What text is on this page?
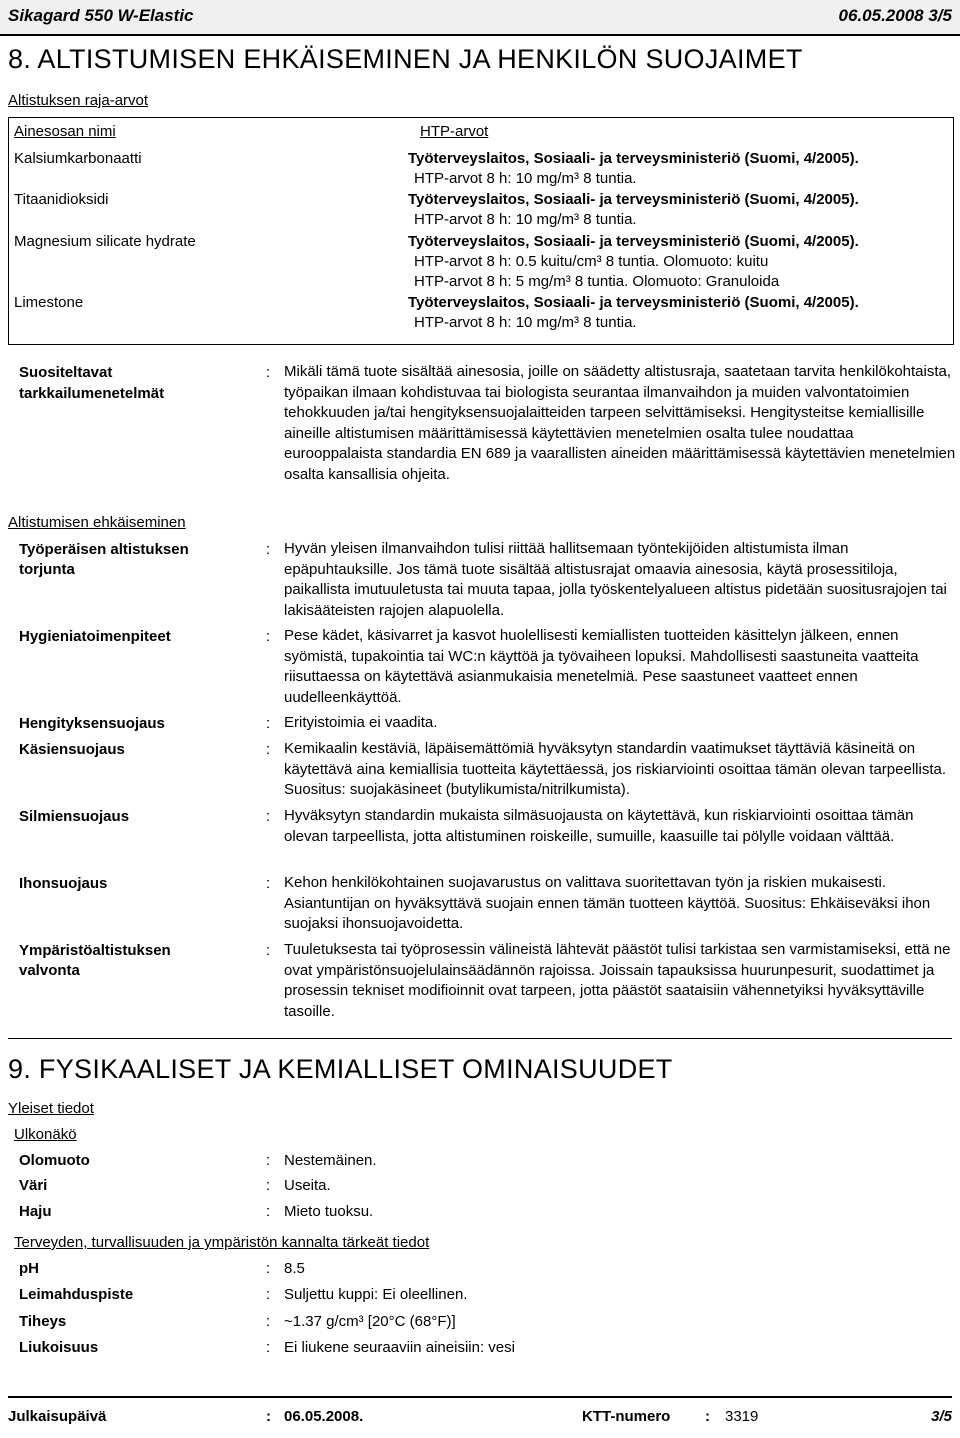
Sikagard 550 W-Elastic	06.05.2008 3/5
8. ALTISTUMISEN EHKÄISEMINEN JA HENKILÖN SUOJAIMET
Altistuksen raja-arvot
Ainesosan nimi	HTP-arvot
Kalsiumkarbonaatti	Työterveyslaitos, Sosiaali- ja terveysministeriö (Suomi, 4/2005).
HTP-arvot 8 h: 10 mg/m³ 8 tuntia.
Titaanidioksidi	Työterveyslaitos, Sosiaali- ja terveysministeriö (Suomi, 4/2005).
HTP-arvot 8 h: 10 mg/m³ 8 tuntia.
Magnesium silicate hydrate	Työterveyslaitos, Sosiaali- ja terveysministeriö (Suomi, 4/2005).
HTP-arvot 8 h: 0.5 kuitu/cm³ 8 tuntia. Olomuoto: kuitu
HTP-arvot 8 h: 5 mg/m³ 8 tuntia. Olomuoto: Granuloida
Limestone	Työterveyslaitos, Sosiaali- ja terveysministeriö (Suomi, 4/2005).
HTP-arvot 8 h: 10 mg/m³ 8 tuntia.
Suositeltavat
tarkkailumenetelmät
: Mikäli tämä tuote sisältää ainesosia, joille on säädetty altistusraja, saatetaan tarvita henkilökohtaista, työpaikan ilmaan kohdistuvaa tai biologista seurantaa ilmanvaihdon ja muiden valvontatoimien tehokkuuden ja/tai hengityksensuojalaitteiden tarpeen selvittämiseksi. Hengitysteitse kemiallisille aineille altistumisen määrittämisessä käytettävien menetelmien osalta tulee noudattaa eurooppalaista standardia EN 689 ja vaarallisten aineiden määrittämisessä käytettävien menetelmien osalta kansallisia ohjeita.
Altistumisen ehkäiseminen
Työperäisen altistuksen
torjunta
: Hyvän yleisen ilmanvaihdon tulisi riittää hallitsemaan työntekijöiden altistumista ilman epäpuhtauksille. Jos tämä tuote sisältää altistusrajat omaavia ainesosia, käytä prosessitiloja, paikallista imutuuletusta tai muuta tapaa, jolla työskentelyalueen altistus pidetään suositusrajojen tai lakisääteisten rajojen alapuolella.
Hygieniatoimenpiteet	: Pese kädet, käsivarret ja kasvot huolellisesti kemiallisten tuotteiden käsittelyn jälkeen, ennen syömistä, tupakointia tai WC:n käyttöä ja työvaiheen lopuksi. Mahdollisesti saastuneita vaatteita riisuttaessa on käytettävä asianmukaisia menetelmiä. Pese saastuneet vaatteet ennen uudelleenkäyttöä.
Hengityksensuojaus	: Erityistoimia ei vaadita.
Käsiensuojaus	: Kemikaalin kestäviä, läpäisemättömiä hyväksytyn standardin vaatimukset täyttäviä käsineitä on käytettävä aina kemiallisia tuotteita käytettäessä, jos riskiarviointi osoittaa tämän olevan tarpeellista. Suositus: suojakäsineet (butylikumista/nitrilkumista).
Silmiensuojaus	: Hyväksytyn standardin mukaista silmäsuojausta on käytettävä, kun riskiarviointi osoittaa tämän olevan tarpeellista, jotta altistuminen roiskeille, sumuille, kaasuille tai pölylle voidaan välttää.
Ihonsuojaus	: Kehon henkilökohtainen suojavarustus on valittava suoritettavan työn ja riskien mukaisesti. Asiantuntijan on hyväksyttävä suojain ennen tämän tuotteen käyttöä. Suositus: Ehkäiseväksi ihon suojaksi ihonsuojavoidetta.
Ympäristöaltistuksen
valvonta
: Tuuletuksesta tai työprosessin välineistä lähtevät päästöt tulisi tarkistaa sen varmistamiseksi, että ne ovat ympäristönsuojelulainsäädännön rajoissa. Joissain tapauksissa huurunpesurit, suodattimet ja prosessin tekniset modifioinnit ovat tarpeen, jotta päästöt saataisiin vähennetyiksi hyväksyttäville tasoille.
9. FYSIKAALISET JA KEMIALLISET OMINAISUUDET
Yleiset tiedot
Ulkonäkö
Olomuoto	: Nestemäinen.
Väri	: Useita.
Haju	: Mieto tuoksu.
Terveyden, turvallisuuden ja ympäristön kannalta tärkeät tiedot
pH	: 8.5
Leimahduspiste	: Suljettu kuppi: Ei oleellinen.
Tiheys	: ~1.37 g/cm³ [20°C (68°F)]
Liukoisuus	: Ei liukene seuraaviin aineisiin: vesi
Julkaisupäivä	: 06.05.2008.	KTT-numero : 3319	3/5
